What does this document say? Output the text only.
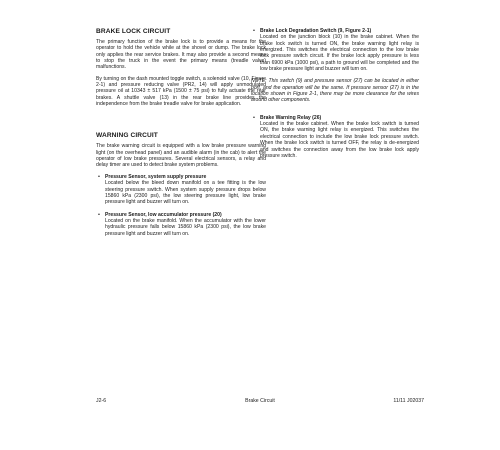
BRAKE LOCK CIRCUIT

The primary function of the brake lock is to provide a means for the operator to hold the vehicle while at the shovel or dump. The brake lock only applies the rear service brakes. It may also provide a second means to stop the truck in the event the primary means (treadle valve) malfunctions.

By turning on the dash mounted toggle switch, a solenoid valve (10, Figure 2-1) and pressure reducing valve (PR2, 14) will apply unmodulated pressure oil at 10343 ± 517 kPa (1500 ± 75 psi) to fully actuate the rear brakes. A shuttle valve (13) in the rear brake line provides the independence from the brake treadle valve for brake application.

WARNING CIRCUIT

The brake warning circuit is equipped with a low brake pressure warning light (on the overhead panel) and an audible alarm (in the cab) to alert the operator of low brake pressures. Several electrical sensors, a relay and delay timer are used to detect brake system problems.

• Pressure Sensor, system supply pressure
Located below the bleed down manifold on a tee fitting is the low steering pressure switch. When system supply pressure drops below 15860 kPa (2300 psi), the low steering pressure light, low brake pressure light and buzzer will turn on.
• Pressure Sensor, low accumulator pressure (20)
Located on the brake manifold. When the accumulator with the lower hydraulic pressure falls below 15860 kPa (2300 psi), the low brake pressure light and buzzer will turn on.
• Brake Lock Degradation Switch (9, Figure 2-1)
Located on the junction block (10) in the brake cabinet. When the brake lock switch is turned ON, the brake warning light relay is energized. This switches the electrical connection to the low brake lock pressure switch circuit. If the brake lock apply pressure is less than 6900 kPa (1000 psi), a path to ground will be completed and the low brake pressure light and buzzer will turn on.

NOTE: This switch (9) and pressure sensor (27) can be located in either port, and the operation will be the same. If pressure sensor (27) is in the location shown in Figure 2-1, there may be more clearance for the wires around other components.

• Brake Warning Relay (26)
Located in the brake cabinet. When the brake lock switch is turned ON, the brake warning light relay is energized. This switches the electrical connection to include the low brake lock pressure switch. When the brake lock switch is turned OFF, the relay is de-energized and switches the connection away from the low brake lock apply pressure switch.
J2-6	Brake Circuit	11/11 J02037
